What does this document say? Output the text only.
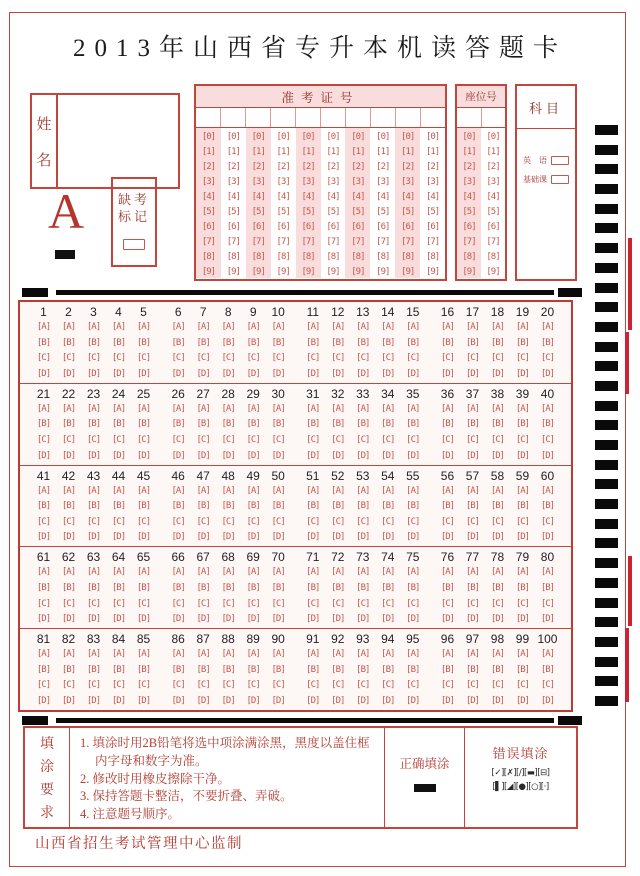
2013年山西省专升本机读答题卡
姓
名
A	缺考
标记
准考证号
[0]
[1]
[2]
[3]
[4]
[5]
[6]
[7]
[8]
[9]
[0]
[1]
[2]
[3]
[4]
[5]
[6]
[7]
[8]
[9]
[0]
[1]
[2]
[3]
[4]
[5]
[6]
[7]
[8]
[9]
[0]
[1]
[2]
[3]
[4]
[5]
[6]
[7]
[8]
[9]
[0]
[1]
[2]
[3]
[4]
[5]
[6]
[7]
[8]
[9]
[0]
[1]
[2]
[3]
[4]
[5]
[6]
[7]
[8]
[9]
[0]
[1]
[2]
[3]
[4]
[5]
[6]
[7]
[8]
[9]
[0]
[1]
[2]
[3]
[4]
[5]
[6]
[7]
[8]
[9]
[0]
[1]
[2]
[3]
[4]
[5]
[6]
[7]
[8]
[9]
[0]
[1]
[2]
[3]
[4]
[5]
[6]
[7]
[8]
[9]
座位号
[0]
[1]
[2]
[3]
[4]
[5]
[6]
[7]
[8]
[9]
[0]
[1]
[2]
[3]
[4]
[5]
[6]
[7]
[8]
[9]
科目
英　语
基础课
1
[A]
[B]
[C]
[D]
2
[A]
[B]
[C]
[D]
3
[A]
[B]
[C]
[D]
4
[A]
[B]
[C]
[D]
5
[A]
[B]
[C]
[D]
6
[A]
[B]
[C]
[D]
7
[A]
[B]
[C]
[D]
8
[A]
[B]
[C]
[D]
9
[A]
[B]
[C]
[D]
10
[A]
[B]
[C]
[D]
11
[A]
[B]
[C]
[D]
12
[A]
[B]
[C]
[D]
13
[A]
[B]
[C]
[D]
14
[A]
[B]
[C]
[D]
15
[A]
[B]
[C]
[D]
16
[A]
[B]
[C]
[D]
17
[A]
[B]
[C]
[D]
18
[A]
[B]
[C]
[D]
19
[A]
[B]
[C]
[D]
20
[A]
[B]
[C]
[D]
21
[A]
[B]
[C]
[D]
22
[A]
[B]
[C]
[D]
23
[A]
[B]
[C]
[D]
24
[A]
[B]
[C]
[D]
25
[A]
[B]
[C]
[D]
26
[A]
[B]
[C]
[D]
27
[A]
[B]
[C]
[D]
28
[A]
[B]
[C]
[D]
29
[A]
[B]
[C]
[D]
30
[A]
[B]
[C]
[D]
31
[A]
[B]
[C]
[D]
32
[A]
[B]
[C]
[D]
33
[A]
[B]
[C]
[D]
34
[A]
[B]
[C]
[D]
35
[A]
[B]
[C]
[D]
36
[A]
[B]
[C]
[D]
37
[A]
[B]
[C]
[D]
38
[A]
[B]
[C]
[D]
39
[A]
[B]
[C]
[D]
40
[A]
[B]
[C]
[D]
41
[A]
[B]
[C]
[D]
42
[A]
[B]
[C]
[D]
43
[A]
[B]
[C]
[D]
44
[A]
[B]
[C]
[D]
45
[A]
[B]
[C]
[D]
46
[A]
[B]
[C]
[D]
47
[A]
[B]
[C]
[D]
48
[A]
[B]
[C]
[D]
49
[A]
[B]
[C]
[D]
50
[A]
[B]
[C]
[D]
51
[A]
[B]
[C]
[D]
52
[A]
[B]
[C]
[D]
53
[A]
[B]
[C]
[D]
54
[A]
[B]
[C]
[D]
55
[A]
[B]
[C]
[D]
56
[A]
[B]
[C]
[D]
57
[A]
[B]
[C]
[D]
58
[A]
[B]
[C]
[D]
59
[A]
[B]
[C]
[D]
60
[A]
[B]
[C]
[D]
61
[A]
[B]
[C]
[D]
62
[A]
[B]
[C]
[D]
63
[A]
[B]
[C]
[D]
64
[A]
[B]
[C]
[D]
65
[A]
[B]
[C]
[D]
66
[A]
[B]
[C]
[D]
67
[A]
[B]
[C]
[D]
68
[A]
[B]
[C]
[D]
69
[A]
[B]
[C]
[D]
70
[A]
[B]
[C]
[D]
71
[A]
[B]
[C]
[D]
72
[A]
[B]
[C]
[D]
73
[A]
[B]
[C]
[D]
74
[A]
[B]
[C]
[D]
75
[A]
[B]
[C]
[D]
76
[A]
[B]
[C]
[D]
77
[A]
[B]
[C]
[D]
78
[A]
[B]
[C]
[D]
79
[A]
[B]
[C]
[D]
80
[A]
[B]
[C]
[D]
81
[A]
[B]
[C]
[D]
82
[A]
[B]
[C]
[D]
83
[A]
[B]
[C]
[D]
84
[A]
[B]
[C]
[D]
85
[A]
[B]
[C]
[D]
86
[A]
[B]
[C]
[D]
87
[A]
[B]
[C]
[D]
88
[A]
[B]
[C]
[D]
89
[A]
[B]
[C]
[D]
90
[A]
[B]
[C]
[D]
91
[A]
[B]
[C]
[D]
92
[A]
[B]
[C]
[D]
93
[A]
[B]
[C]
[D]
94
[A]
[B]
[C]
[D]
95
[A]
[B]
[C]
[D]
96
[A]
[B]
[C]
[D]
97
[A]
[B]
[C]
[D]
98
[A]
[B]
[C]
[D]
99
[A]
[B]
[C]
[D]
100
[A]
[B]
[C]
[D]
填
涂
要
求
1. 填涂时用2B铅笔将选中项涂满涂黑，黑度以盖住框内字母和数字为准。
2. 修改时用橡皮擦除干净。
3. 保持答题卡整洁，不要折叠、弄破。
4. 注意题号顺序。
正确填涂
错误填涂
[✓][✗][∕][▬][⊟]
[▌][◢][●][○][·]
山西省招生考试管理中心监制
